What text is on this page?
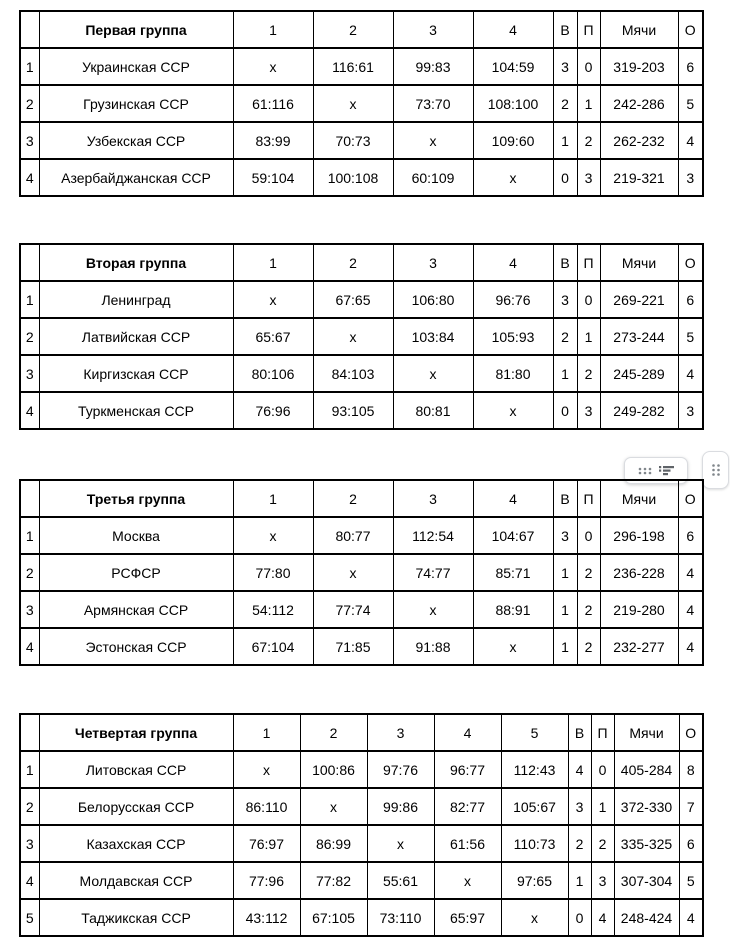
	Первая группа	1	2	3	4	В	П	Мячи	О
1	Украинская ССР	x	116:61	99:83	104:59	3	0	319-203	6
2	Грузинская ССР	61:116	x	73:70	108:100	2	1	242-286	5
3	Узбекская ССР	83:99	70:73	x	109:60	1	2	262-232	4
4	Азербайджанская ССР	59:104	100:108	60:109	x	0	3	219-321	3
	Вторая группа	1	2	3	4	В	П	Мячи	О
1	Ленинград	x	67:65	106:80	96:76	3	0	269-221	6
2	Латвийская ССР	65:67	x	103:84	105:93	2	1	273-244	5
3	Киргизская ССР	80:106	84:103	x	81:80	1	2	245-289	4
4	Туркменская ССР	76:96	93:105	80:81	x	0	3	249-282	3
	Третья группа	1	2	3	4	В	П	Мячи	О
1	Москва	x	80:77	112:54	104:67	3	0	296-198	6
2	РСФСР	77:80	x	74:77	85:71	1	2	236-228	4
3	Армянская ССР	54:112	77:74	x	88:91	1	2	219-280	4
4	Эстонская ССР	67:104	71:85	91:88	x	1	2	232-277	4
	Четвертая группа	1	2	3	4	5	В	П	Мячи	О
1	Литовская ССР	x	100:86	97:76	96:77	112:43	4	0	405-284	8
2	Белорусская ССР	86:110	x	99:86	82:77	105:67	3	1	372-330	7
3	Казахская ССР	76:97	86:99	x	61:56	110:73	2	2	335-325	6
4	Молдавская ССР	77:96	77:82	55:61	x	97:65	1	3	307-304	5
5	Таджикская ССР	43:112	67:105	73:110	65:97	x	0	4	248-424	4
